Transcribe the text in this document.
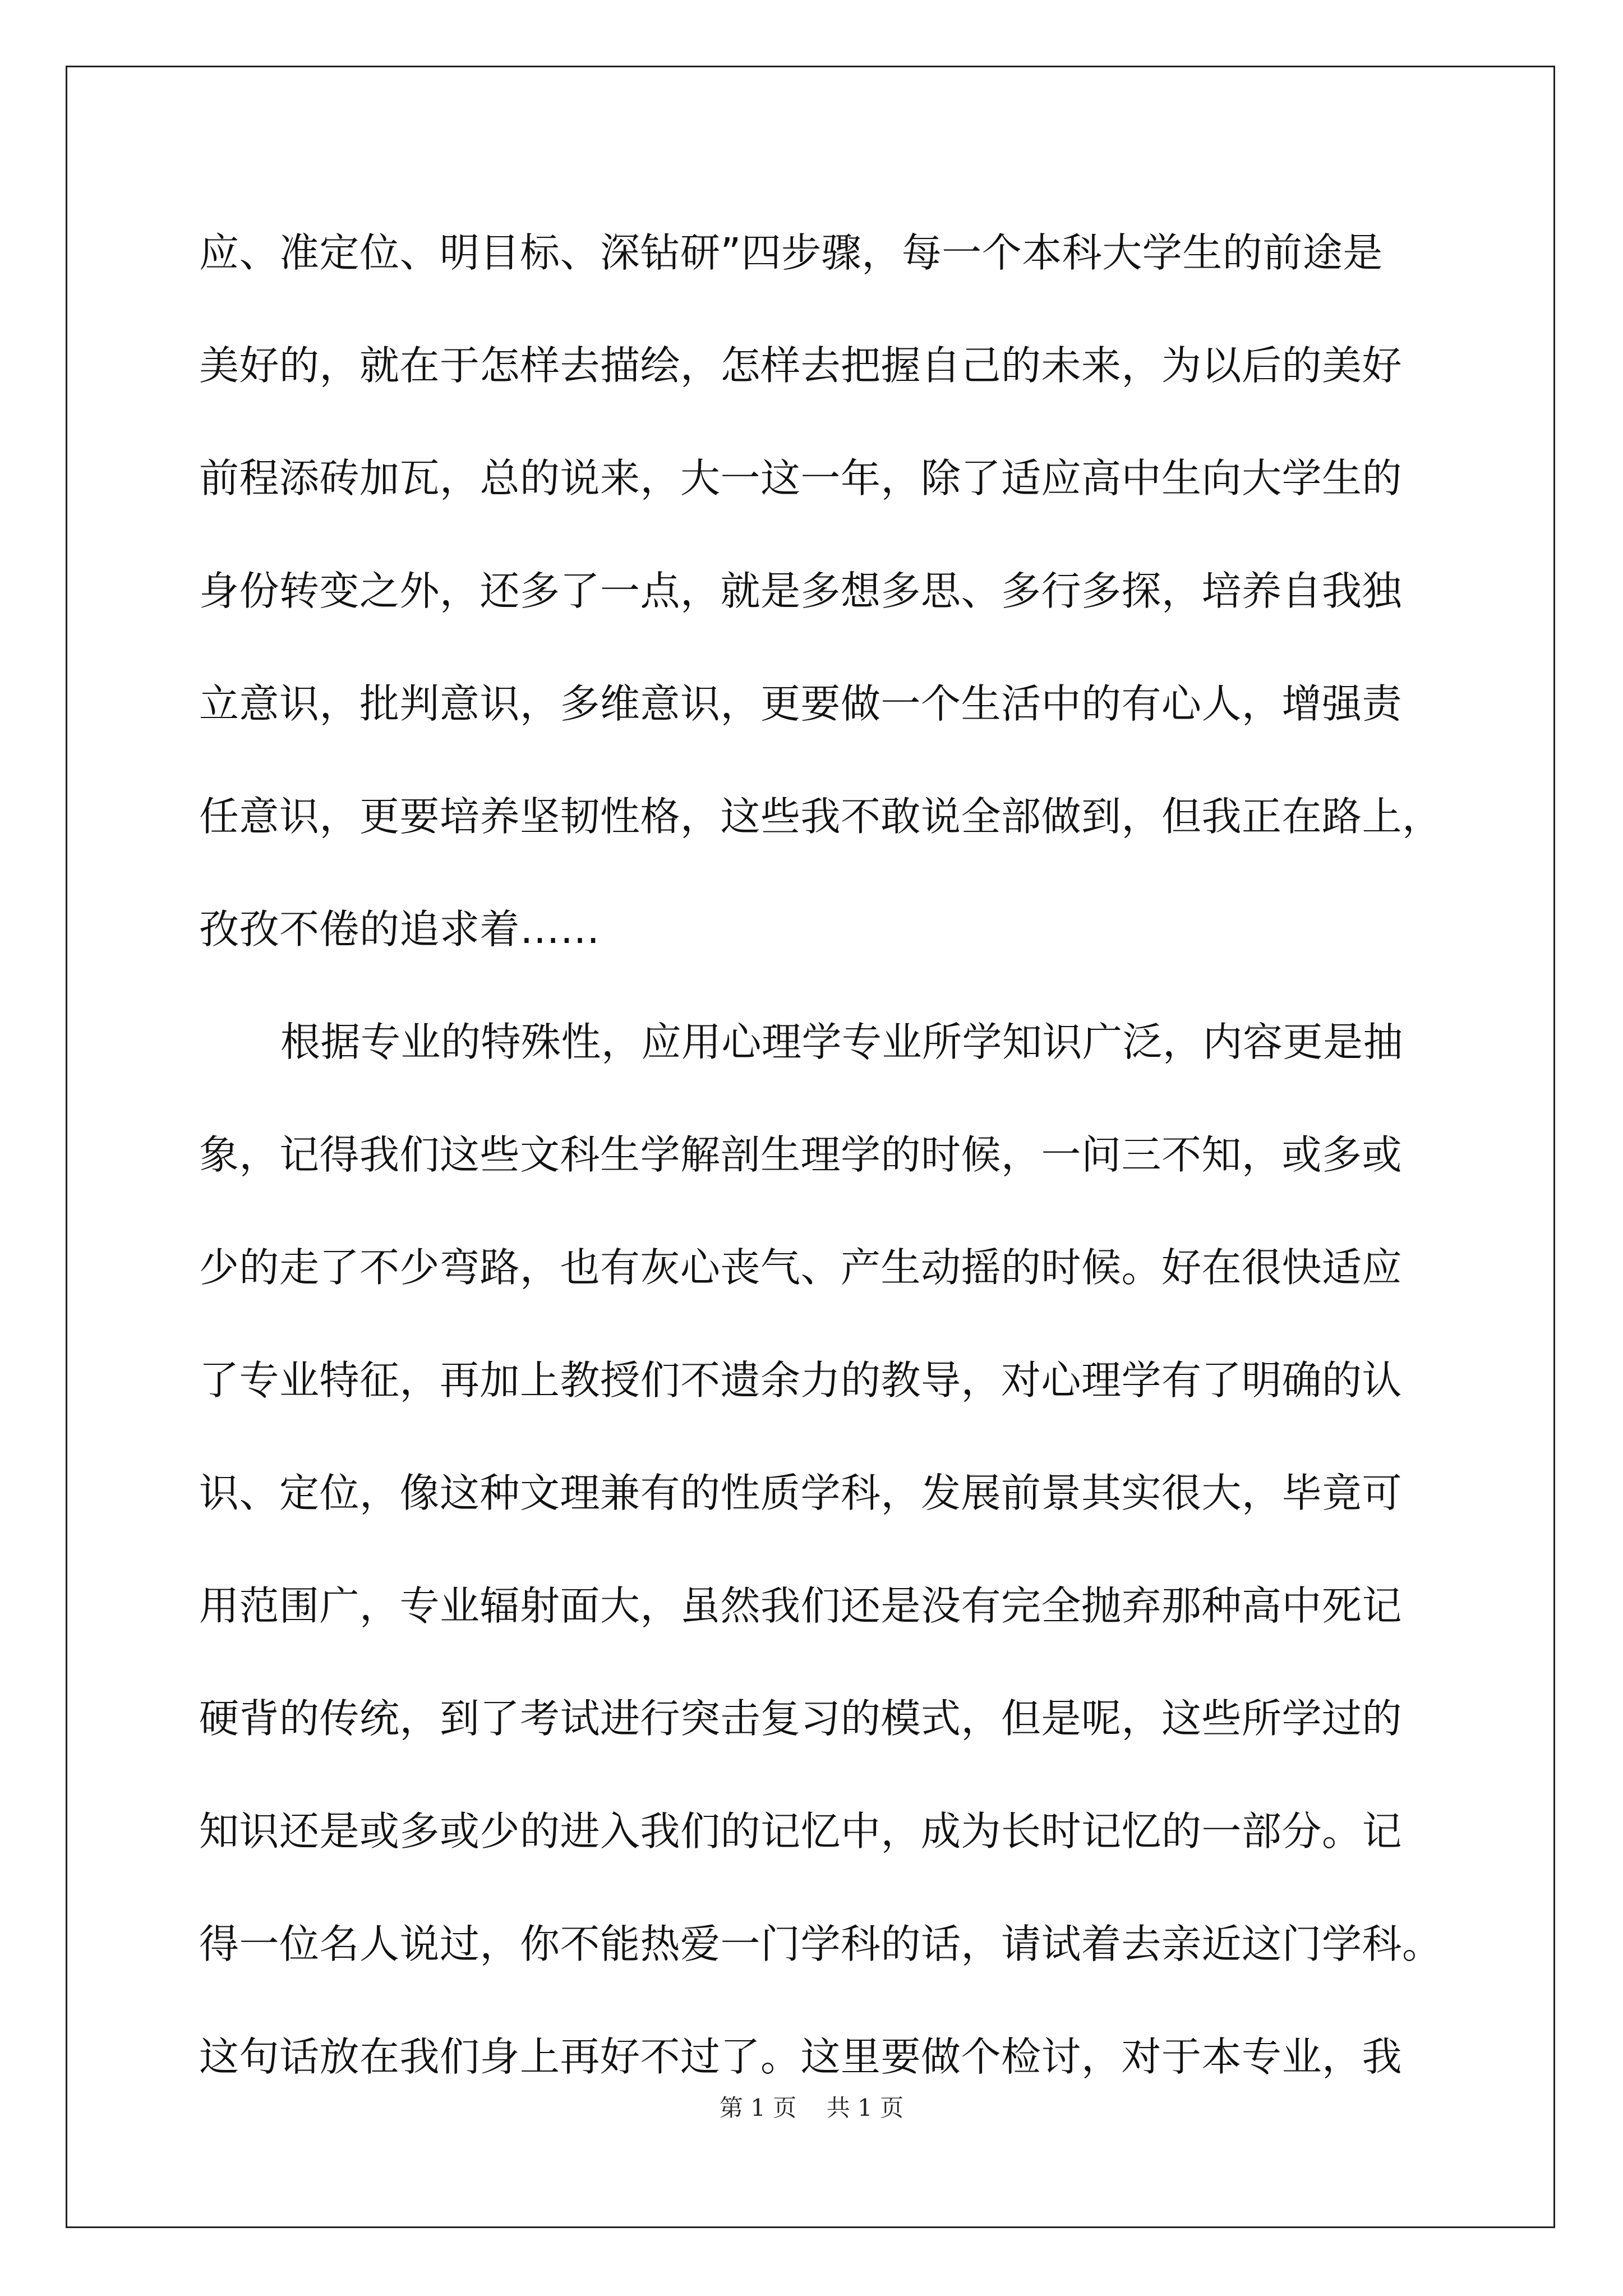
应、准定位、明目标、深钻研”四步骤，每一个本科大学生的前途是
美好的，就在于怎样去描绘，怎样去把握自己的未来，为以后的美好
前程添砖加瓦，总的说来，大一这一年，除了适应高中生向大学生的
身份转变之外，还多了一点，就是多想多思、多行多探，培养自我独
立意识，批判意识，多维意识，更要做一个生活中的有心人，增强责
任意识，更要培养坚韧性格，这些我不敢说全部做到，但我正在路上，
孜孜不倦的追求着……
根据专业的特殊性，应用心理学专业所学知识广泛，内容更是抽
象，记得我们这些文科生学解剖生理学的时候，一问三不知，或多或
少的走了不少弯路，也有灰心丧气、产生动摇的时候。好在很快适应
了专业特征，再加上教授们不遗余力的教导，对心理学有了明确的认
识、定位，像这种文理兼有的性质学科，发展前景其实很大，毕竟可
用范围广，专业辐射面大，虽然我们还是没有完全抛弃那种高中死记
硬背的传统，到了考试进行突击复习的模式，但是呢，这些所学过的
知识还是或多或少的进入我们的记忆中，成为长时记忆的一部分。记
得一位名人说过，你不能热爱一门学科的话，请试着去亲近这门学科。
这句话放在我们身上再好不过了。这里要做个检讨，对于本专业，我
第 1 页    共 1 页
